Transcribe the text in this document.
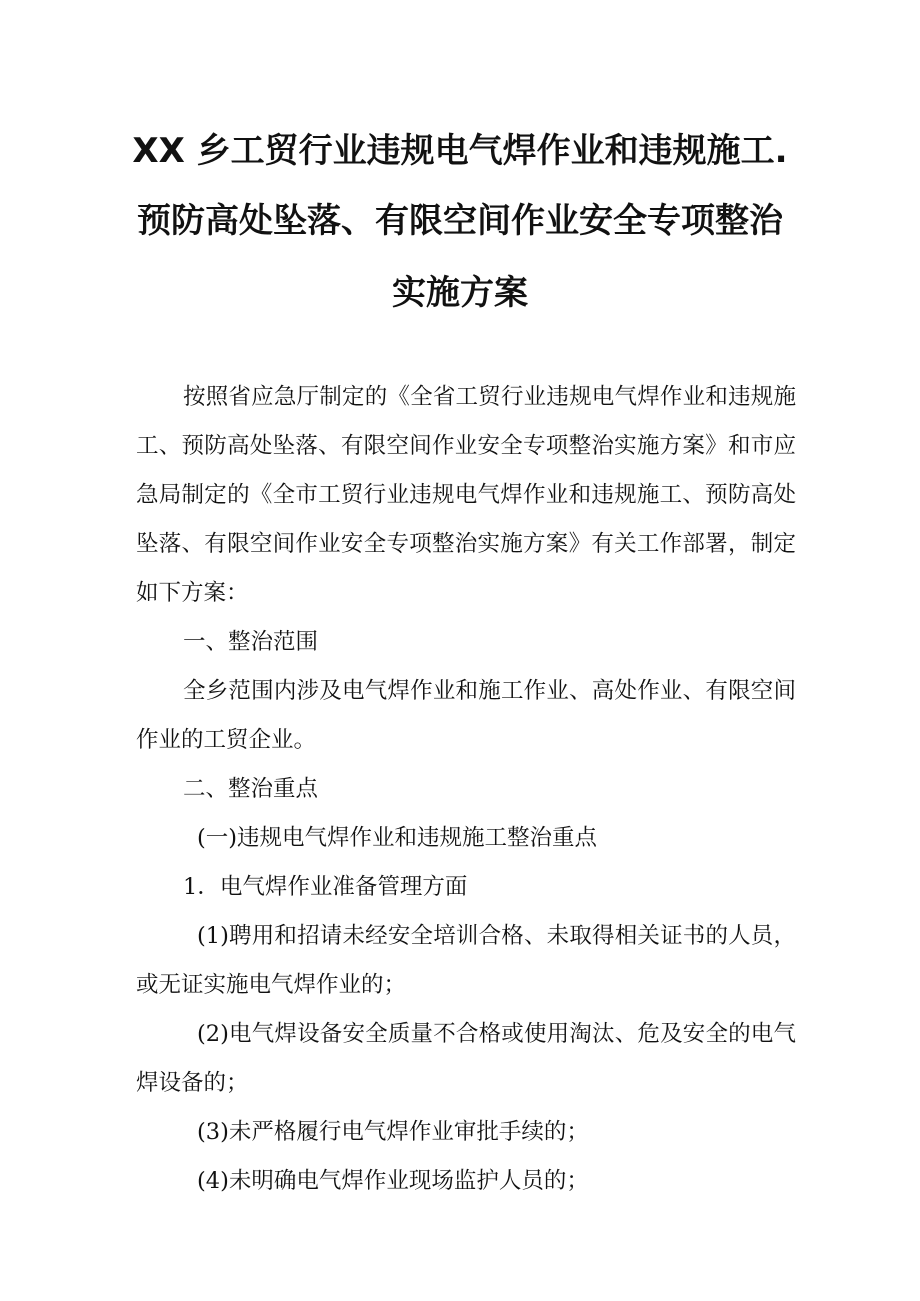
XX 乡工贸行业违规电气焊作业和违规施工.
预防高处坠落、有限空间作业安全专项整治
实施方案

按照省应急厅制定的《全省工贸行业违规电气焊作业和违规施工、预防高处坠落、有限空间作业安全专项整治实施方案》和市应急局制定的《全市工贸行业违规电气焊作业和违规施工、预防高处坠落、有限空间作业安全专项整治实施方案》有关工作部署，制定如下方案：

一、整治范围

全乡范围内涉及电气焊作业和施工作业、高处作业、有限空间作业的工贸企业。

二、整治重点

(一)违规电气焊作业和违规施工整治重点

1．电气焊作业准备管理方面

(1)聘用和招请未经安全培训合格、未取得相关证书的人员，或无证实施电气焊作业的；

(2)电气焊设备安全质量不合格或使用淘汰、危及安全的电气焊设备的；

(3)未严格履行电气焊作业审批手续的；

(4)未明确电气焊作业现场监护人员的；
